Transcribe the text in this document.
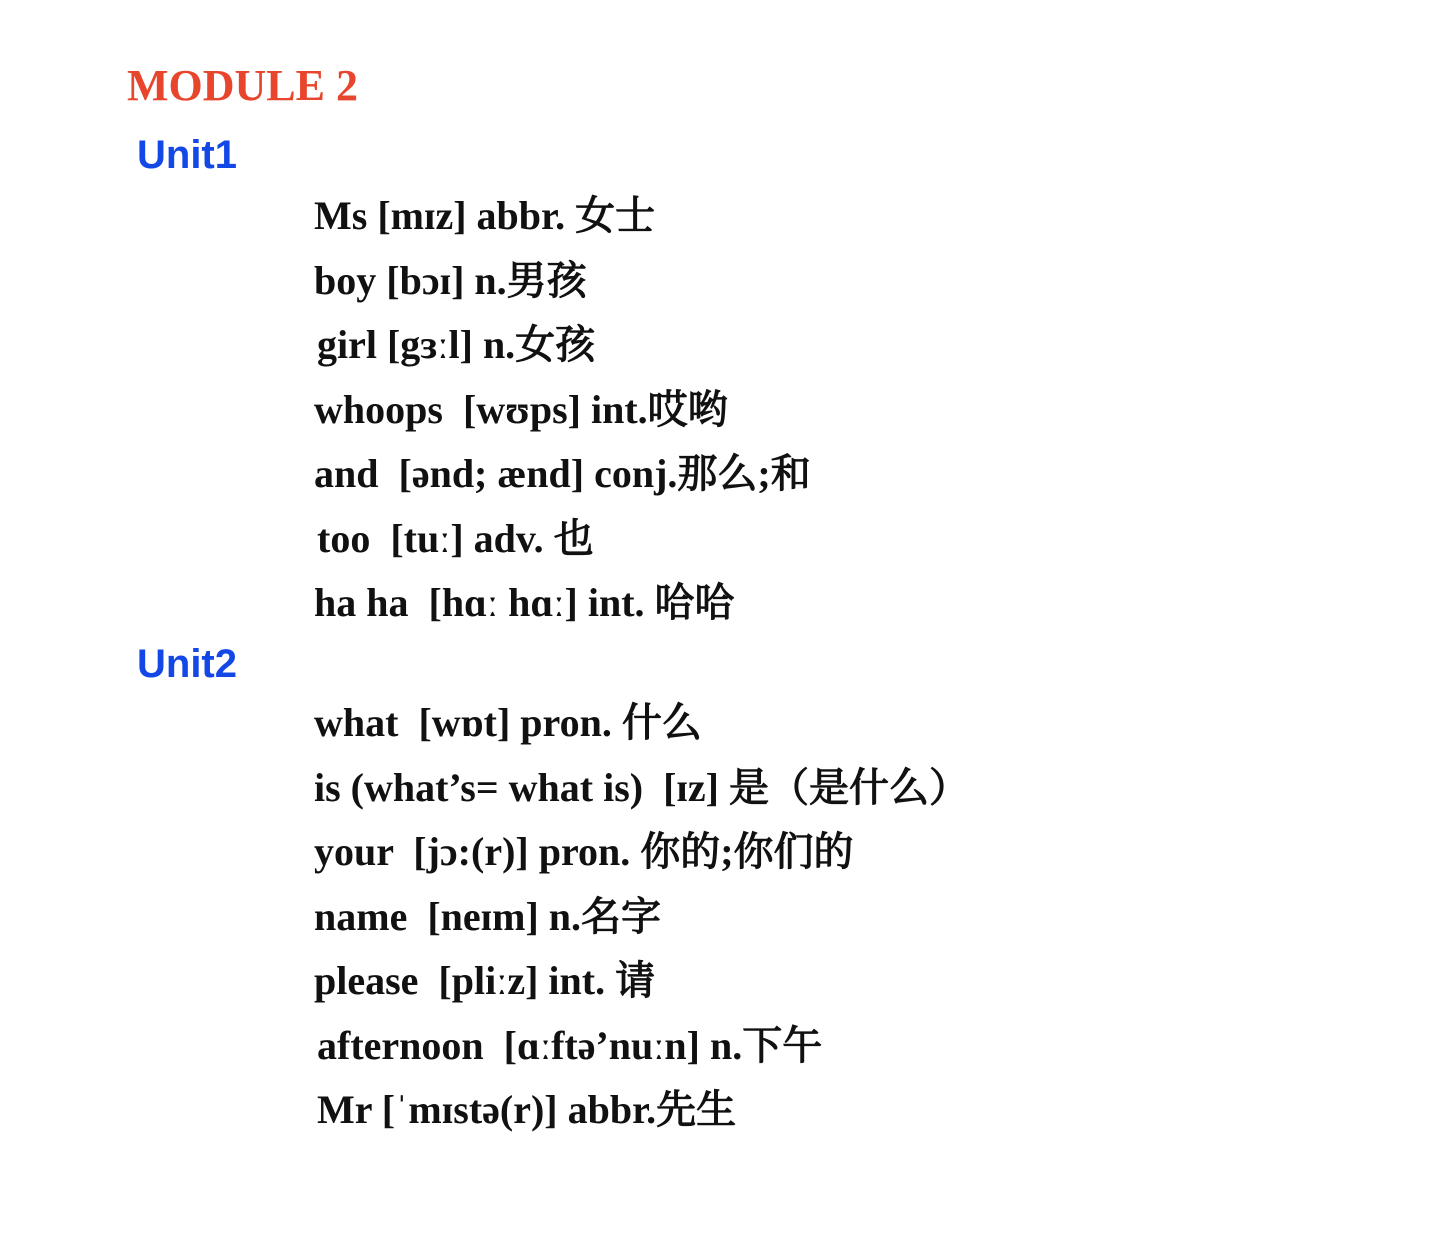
MODULE 2
Unit1
Ms [mɪz] abbr. 女士
boy [bɔɪ] n.男孩
girl [gɜːl] n.女孩
whoops  [wʊps] int.哎哟
and  [ənd; ænd] conj.那么;和
too  [tuː] adv. 也
ha ha  [hɑː hɑː] int. 哈哈
Unit2
what  [wɒt] pron. 什么
is (what’s= what is)  [ɪz] 是（是什么）
your  [jɔ:(r)] pron. 你的;你们的
name  [neɪm] n.名字
please  [pliːz] int. 请
afternoon  [ɑːftə’nuːn] n.下午
Mr [ˈmɪstə(r)] abbr.先生
